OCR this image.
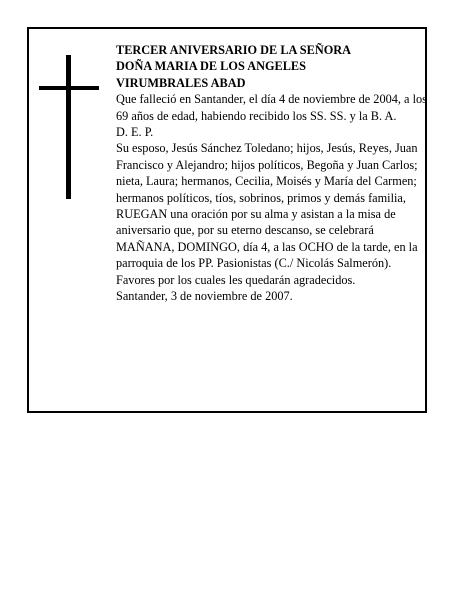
TERCER ANIVERSARIO DE LA SEÑORA

DOÑA MARIA DE LOS ANGELES

VIRUMBRALES ABAD

Que falleció en Santander, el día 4 de noviembre de 2004, a los 69 años de edad, habiendo recibido los SS. SS. y la B. A.

D. E. P.

Su esposo, Jesús Sánchez Toledano; hijos, Jesús, Reyes, Juan Francisco y Alejandro; hijos políticos, Begoña y Juan Carlos; nieta, Laura; hermanos, Cecilia, Moisés y María del Carmen; hermanos políticos, tíos, sobrinos, primos y demás familia,

RUEGAN una oración por su alma y asistan a la misa de aniversario que, por su eterno descanso, se celebrará MAÑANA, DOMINGO, día 4, a las OCHO de la tarde, en la parroquia de los PP. Pasionistas (C./ Nicolás Salmerón). Favores por los cuales les quedarán agradecidos.

Santander, 3 de noviembre de 2007.
